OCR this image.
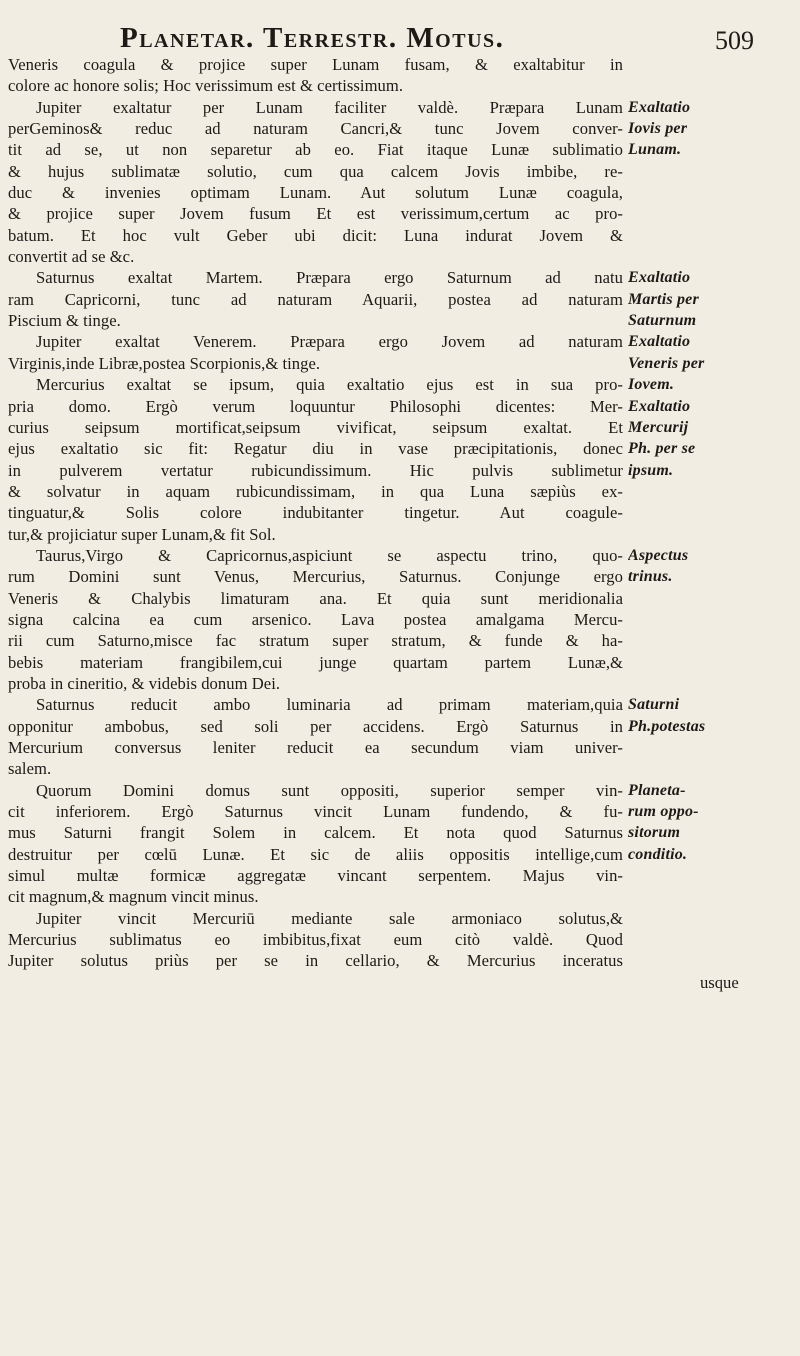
Planetar. Terrestr. Motus.	509
Veneris coagula & projice super Lunam fusam, & exaltabitur in
colore ac honore solis; Hoc verissimum est & certissimum.
Jupiter exaltatur per Lunam faciliter valdè. Præpara Lunam Exaltatio
perGeminos& reduc ad naturam Cancri,& tunc Jovem conver- Iovis per
tit ad se, ut non separetur ab eo. Fiat itaque Lunæ sublimatio Lunam.
& hujus sublimatæ solutio, cum qua calcem Jovis imbibe, re-
duc & invenies optimam Lunam. Aut solutum Lunæ coagula,
& projice super Jovem fusum Et est verissimum,certum ac pro-
batum. Et hoc vult Geber ubi dicit: Luna indurat Jovem &
convertit ad se &c.
Saturnus exaltat Martem. Præpara ergo Saturnum ad natu Exaltatio
ram Capricorni, tunc ad naturam Aquarii, postea ad naturam Martis per
Piscium & tinge.	Saturnum
Jupiter exaltat Venerem. Præpara ergo Jovem ad naturam Exaltatio
Virginis,inde Libræ,postea Scorpionis,& tinge.	Veneris per
Mercurius exaltat se ipsum, quia exaltatio ejus est in sua pro- Iovem.
pria domo. Ergò verum loquuntur Philosophi dicentes: Mer- Exaltatio
curius seipsum mortificat,seipsum vivificat, seipsum exaltat. Et Mercurij
ejus exaltatio sic fit: Regatur diu in vase præcipitationis, donec Ph. per se
in pulverem vertatur rubicundissimum. Hic pulvis sublimetur ipsum.
& solvatur in aquam rubicundissimam, in qua Luna sæpiùs ex-
tinguatur,& Solis colore indubitanter tingetur. Aut coagule-
tur,& projiciatur super Lunam,& fit Sol.
Taurus,Virgo & Capricornus,aspiciunt se aspectu trino, quo- Aspectus
rum Domini sunt Venus, Mercurius, Saturnus. Conjunge ergo trinus.
Veneris & Chalybis limaturam ana. Et quia sunt meridionalia
signa calcina ea cum arsenico. Lava postea amalgama Mercu-
rii cum Saturno,misce fac stratum super stratum, & funde & ha-
bebis materiam frangibilem,cui junge quartam partem Lunæ,&
proba in cineritio, & videbis donum Dei.
Saturnus reducit ambo luminaria ad primam materiam,quia Saturni
opponitur ambobus, sed soli per accidens. Ergò Saturnus in Ph.potestas
Mercurium conversus leniter reducit ea secundum viam univer-
salem.
Quorum Domini domus sunt oppositi, superior semper vin- Planeta-
cit inferiorem. Ergò Saturnus vincit Lunam fundendo, & fu- rum oppo-
mus Saturni frangit Solem in calcem. Et nota quod Saturnus sitorum
destruitur per cœlū Lunæ. Et sic de aliis oppositis intellige,cum conditio.
simul multæ formicæ aggregatæ vincant serpentem. Majus vin-
cit magnum,& magnum vincit minus.
Jupiter vincit Mercuriū mediante sale armoniaco solutus,&
Mercurius sublimatus eo imbibitus,fixat eum citò valdè. Quod
Jupiter solutus priùs per se in cellario, & Mercurius inceratus
usque
